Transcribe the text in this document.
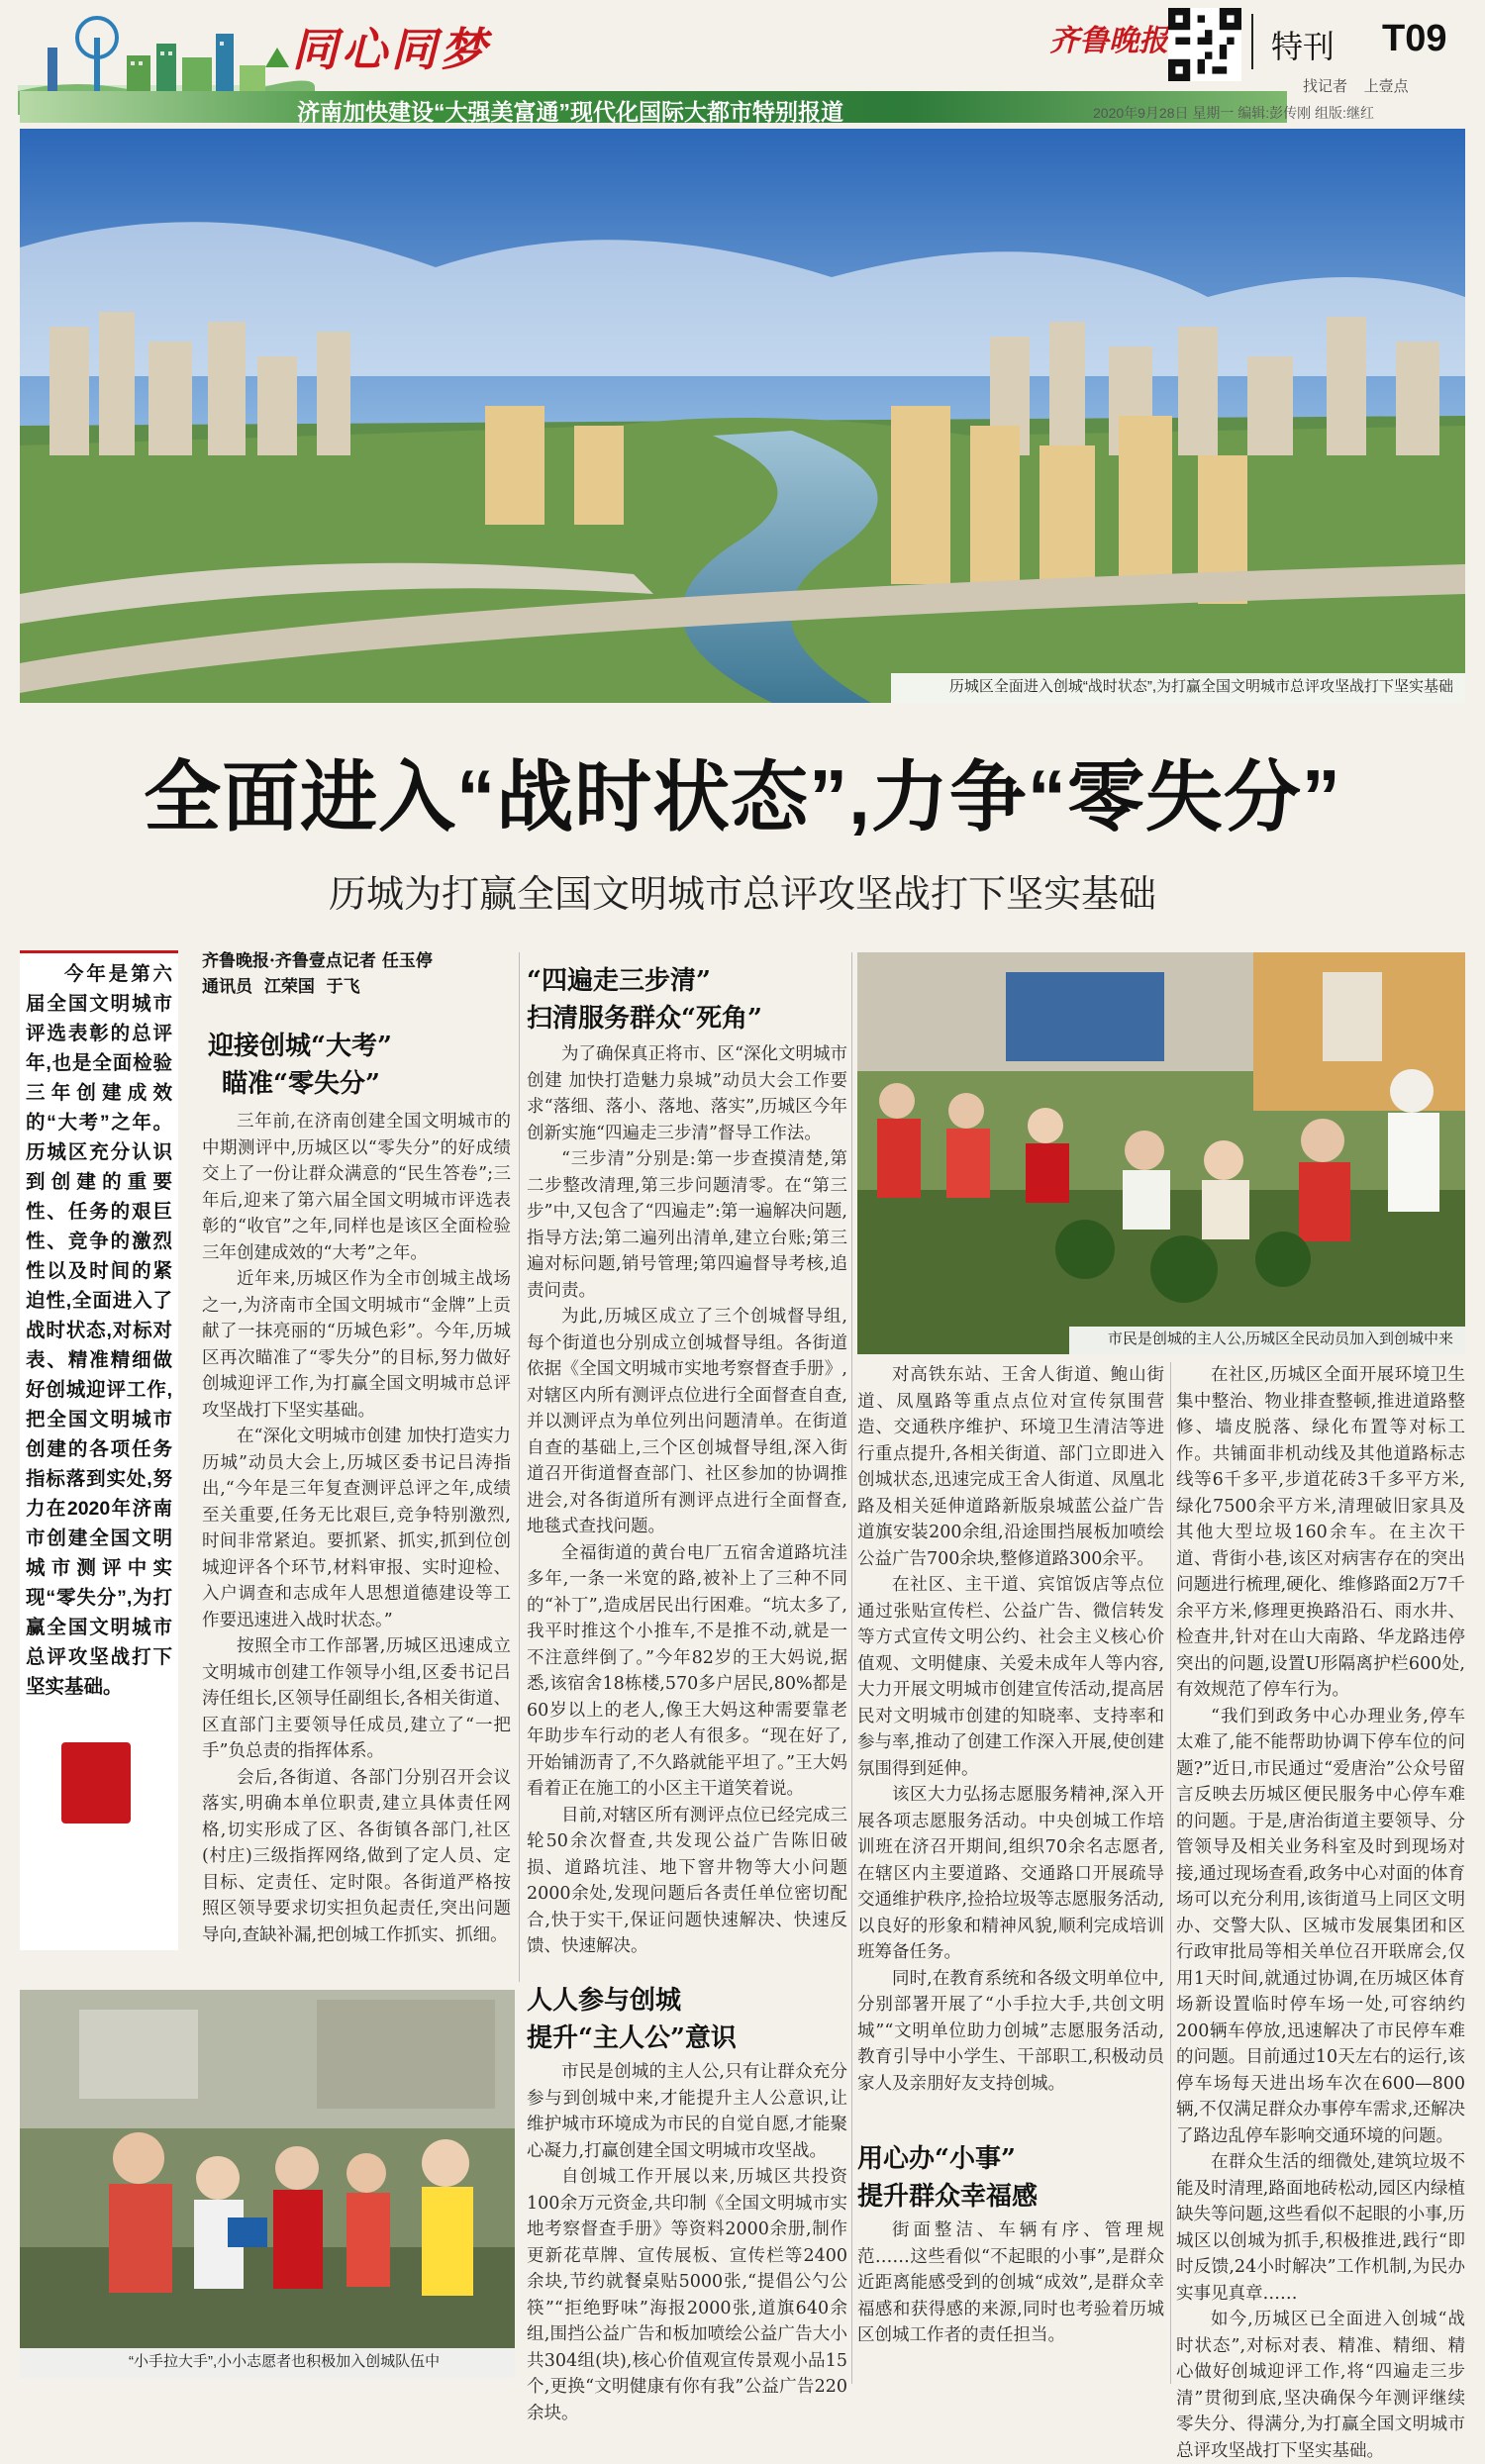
同心同梦
济南加快建设“大强美富通”现代化国际大都市特别报道
齐鲁晚报	特刊 T09
找记者    上壹点
2020年9月28日 星期一 编辑:彭传刚 组版:继红
历城区全面进入创城“战时状态”,为打赢全国文明城市总评攻坚战打下坚实基础
全面进入“战时状态”,力争“零失分”
历城为打赢全国文明城市总评攻坚战打下坚实基础
今年是第六届全国文明城市评选表彰的总评年,也是全面检验三年创建成效的“大考”之年。历城区充分认识到创建的重要性、任务的艰巨性、竞争的激烈性以及时间的紧迫性,全面进入了战时状态,对标对表、精准精细做好创城迎评工作,把全国文明城市创建的各项任务指标落到实处,努力在2020年济南市创建全国文明城市测评中实现“零失分”,为打赢全国文明城市总评攻坚战打下坚实基础。
齐鲁晚报·齐鲁壹点记者 任玉停
通讯员  江荣国  于飞
迎接创城“大考”
瞄准“零失分”

三年前,在济南创建全国文明城市的中期测评中,历城区以“零失分”的好成绩交上了一份让群众满意的“民生答卷”;三年后,迎来了第六届全国文明城市评选表彰的“收官”之年,同样也是该区全面检验三年创建成效的“大考”之年。

近年来,历城区作为全市创城主战场之一,为济南市全国文明城市“金牌”上贡献了一抹亮丽的“历城色彩”。今年,历城区再次瞄准了“零失分”的目标,努力做好创城迎评工作,为打赢全国文明城市总评攻坚战打下坚实基础。

在“深化文明城市创建 加快打造实力历城”动员大会上,历城区委书记吕涛指出,“今年是三年复查测评总评之年,成绩至关重要,任务无比艰巨,竞争特别激烈,时间非常紧迫。要抓紧、抓实,抓到位创城迎评各个环节,材料审报、实时迎检、入户调查和志成年人思想道德建设等工作要迅速进入战时状态。”

按照全市工作部署,历城区迅速成立文明城市创建工作领导小组,区委书记吕涛任组长,区领导任副组长,各相关街道、区直部门主要领导任成员,建立了“一把手”负总责的指挥体系。

会后,各街道、各部门分别召开会议落实,明确本单位职责,建立具体责任网格,切实形成了区、各街镇各部门,社区(村庄)三级指挥网络,做到了定人员、定目标、定责任、定时限。各街道严格按照区领导要求切实担负起责任,突出问题导向,查缺补漏,把创城工作抓实、抓细。

“小手拉大手”,小小志愿者也积极加入创城队伍中
“四遍走三步清”
扫清服务群众“死角”

为了确保真正将市、区“深化文明城市创建 加快打造魅力泉城”动员大会工作要求“落细、落小、落地、落实”,历城区今年创新实施“四遍走三步清”督导工作法。

“三步清”分别是:第一步查摸清楚,第二步整改清理,第三步问题清零。在“第三步”中,又包含了“四遍走”:第一遍解决问题,指导方法;第二遍列出清单,建立台账;第三遍对标问题,销号管理;第四遍督导考核,追责问责。

为此,历城区成立了三个创城督导组,每个街道也分别成立创城督导组。各街道依据《全国文明城市实地考察督查手册》,对辖区内所有测评点位进行全面督查自查,并以测评点为单位列出问题清单。在街道自查的基础上,三个区创城督导组,深入街道召开街道督查部门、社区参加的协调推进会,对各街道所有测评点进行全面督查,地毯式查找问题。

全福街道的黄台电厂五宿舍道路坑洼多年,一条一米宽的路,被补上了三种不同的“补丁”,造成居民出行困难。“坑太多了,我平时推这个小推车,不是推不动,就是一不注意绊倒了。”今年82岁的王大妈说,据悉,该宿舍18栋楼,570多户居民,80%都是60岁以上的老人,像王大妈这种需要靠老年助步车行动的老人有很多。“现在好了,开始铺沥青了,不久路就能平坦了。”王大妈看着正在施工的小区主干道笑着说。

目前,对辖区所有测评点位已经完成三轮50余次督查,共发现公益广告陈旧破损、道路坑洼、地下窨井物等大小问题2000余处,发现问题后各责任单位密切配合,快于实干,保证问题快速解决、快速反馈、快速解决。

人人参与创城
提升“主人公”意识

市民是创城的主人公,只有让群众充分参与到创城中来,才能提升主人公意识,让维护城市环境成为市民的自觉自愿,才能聚心凝力,打赢创建全国文明城市攻坚战。

自创城工作开展以来,历城区共投资100余万元资金,共印制《全国文明城市实地考察督查手册》等资料2000余册,制作更新花草牌、宣传展板、宣传栏等2400余块,节约就餐桌贴5000张,“提倡公勺公筷”“拒绝野味”海报2000张,道旗640余组,围挡公益广告和板加喷绘公益广告大小共304组(块),核心价值观宣传景观小品15个,更换“文明健康有你有我”公益广告220余块。

市民是创城的主人公,历城区全民动员加入到创城中来

对高铁东站、王舍人街道、鲍山街道、凤凰路等重点点位对宣传氛围营造、交通秩序维护、环境卫生清洁等进行重点提升,各相关街道、部门立即进入创城状态,迅速完成王舍人街道、凤凰北路及相关延伸道路新版泉城蓝公益广告道旗安装200余组,沿途围挡展板加喷绘公益广告700余块,整修道路300余平。

在社区、主干道、宾馆饭店等点位通过张贴宣传栏、公益广告、微信转发等方式宣传文明公约、社会主义核心价值观、文明健康、关爱未成年人等内容,大力开展文明城市创建宣传活动,提高居民对文明城市创建的知晓率、支持率和参与率,推动了创建工作深入开展,使创建氛围得到延伸。

该区大力弘扬志愿服务精神,深入开展各项志愿服务活动。中央创城工作培训班在济召开期间,组织70余名志愿者,在辖区内主要道路、交通路口开展疏导交通维护秩序,捡拾垃圾等志愿服务活动,以良好的形象和精神风貌,顺利完成培训班筹备任务。

同时,在教育系统和各级文明单位中,分别部署开展了“小手拉大手,共创文明城”“文明单位助力创城”志愿服务活动,教育引导中小学生、干部职工,积极动员家人及亲朋好友支持创城。

用心办“小事”
提升群众幸福感

街面整洁、车辆有序、管理规范……这些看似“不起眼的小事”,是群众近距离能感受到的创城“成效”,是群众幸福感和获得感的来源,同时也考验着历城区创城工作者的责任担当。

在社区,历城区全面开展环境卫生集中整治、物业排查整顿,推进道路整修、墙皮脱落、绿化布置等对标工作。共铺面非机动线及其他道路标志线等6千多平,步道花砖3千多平方米,绿化7500余平方米,清理破旧家具及其他大型垃圾160余车。在主次干道、背街小巷,该区对病害存在的突出问题进行梳理,硬化、维修路面2万7千余平方米,修理更换路沿石、雨水井、检查井,针对在山大南路、华龙路违停突出的问题,设置U形隔离护栏600处,有效规范了停车行为。

“我们到政务中心办理业务,停车太难了,能不能帮助协调下停车位的问题?”近日,市民通过“爱唐治”公众号留言反映去历城区便民服务中心停车难的问题。于是,唐治街道主要领导、分管领导及相关业务科室及时到现场对接,通过现场查看,政务中心对面的体育场可以充分利用,该街道马上同区文明办、交警大队、区城市发展集团和区行政审批局等相关单位召开联席会,仅用1天时间,就通过协调,在历城区体育场新设置临时停车场一处,可容纳约200辆车停放,迅速解决了市民停车难的问题。目前通过10天左右的运行,该停车场每天进出场车次在600—800辆,不仅满足群众办事停车需求,还解决了路边乱停车影响交通环境的问题。

在群众生活的细微处,建筑垃圾不能及时清理,路面地砖松动,园区内绿植缺失等问题,这些看似不起眼的小事,历城区以创城为抓手,积极推进,践行“即时反馈,24小时解决”工作机制,为民办实事见真章……

如今,历城区已全面进入创城“战时状态”,对标对表、精准、精细、精心做好创城迎评工作,将“四遍走三步清”贯彻到底,坚决确保今年测评继续零失分、得满分,为打赢全国文明城市总评攻坚战打下坚实基础。
